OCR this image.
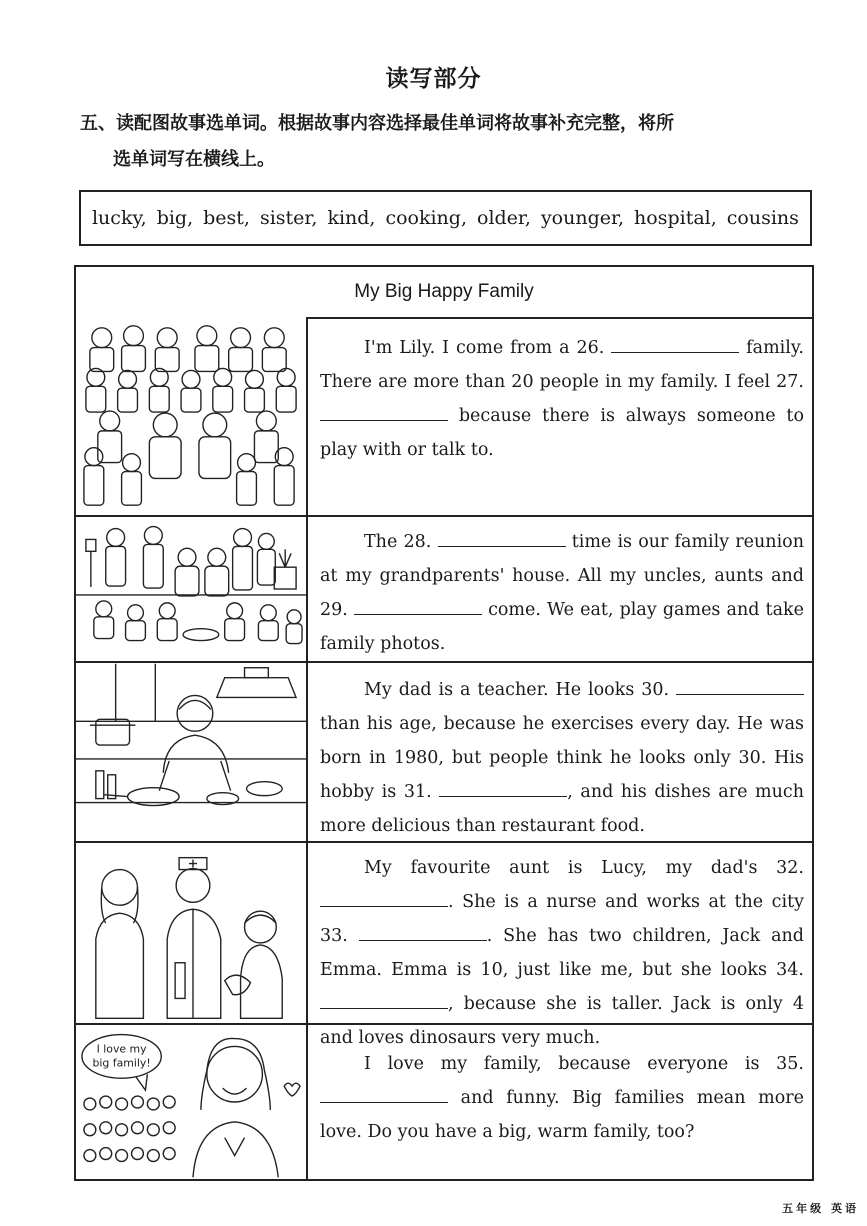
读写部分
五、读配图故事选单词。根据故事内容选择最佳单词将故事补充完整，将所
选单词写在横线上。
lucky, big, best, sister, kind, cooking, older, younger, hospital, cousins
My Big Happy Family

I'm Lily. I come from a 26.	family. There are more than 20 people in my family. I feel 27.  because there is always someone to play with or talk to.

The 28.	time is our family reunion at my grandparents' house. All my uncles, aunts and 29.	come. We eat, play games and take family photos.

My dad is a teacher. He looks 30.  than his age, because he exercises every day. He was born in 1980, but people think he looks only 30. His hobby is 31.	, and his dishes are much more delicious than restaurant food.

My favourite aunt is Lucy, my dad's 32. . She is a nurse and works at the city 33.	. She has two children, Jack and Emma. Emma is 10, just like me, but she looks 34., because she is taller. Jack is only 4 and loves dinosaurs very much.

I love my
big family!	I love my family, because everyone is 35.  and funny. Big families mean more love. Do you have a big, warm family, too?

五年级 英语
